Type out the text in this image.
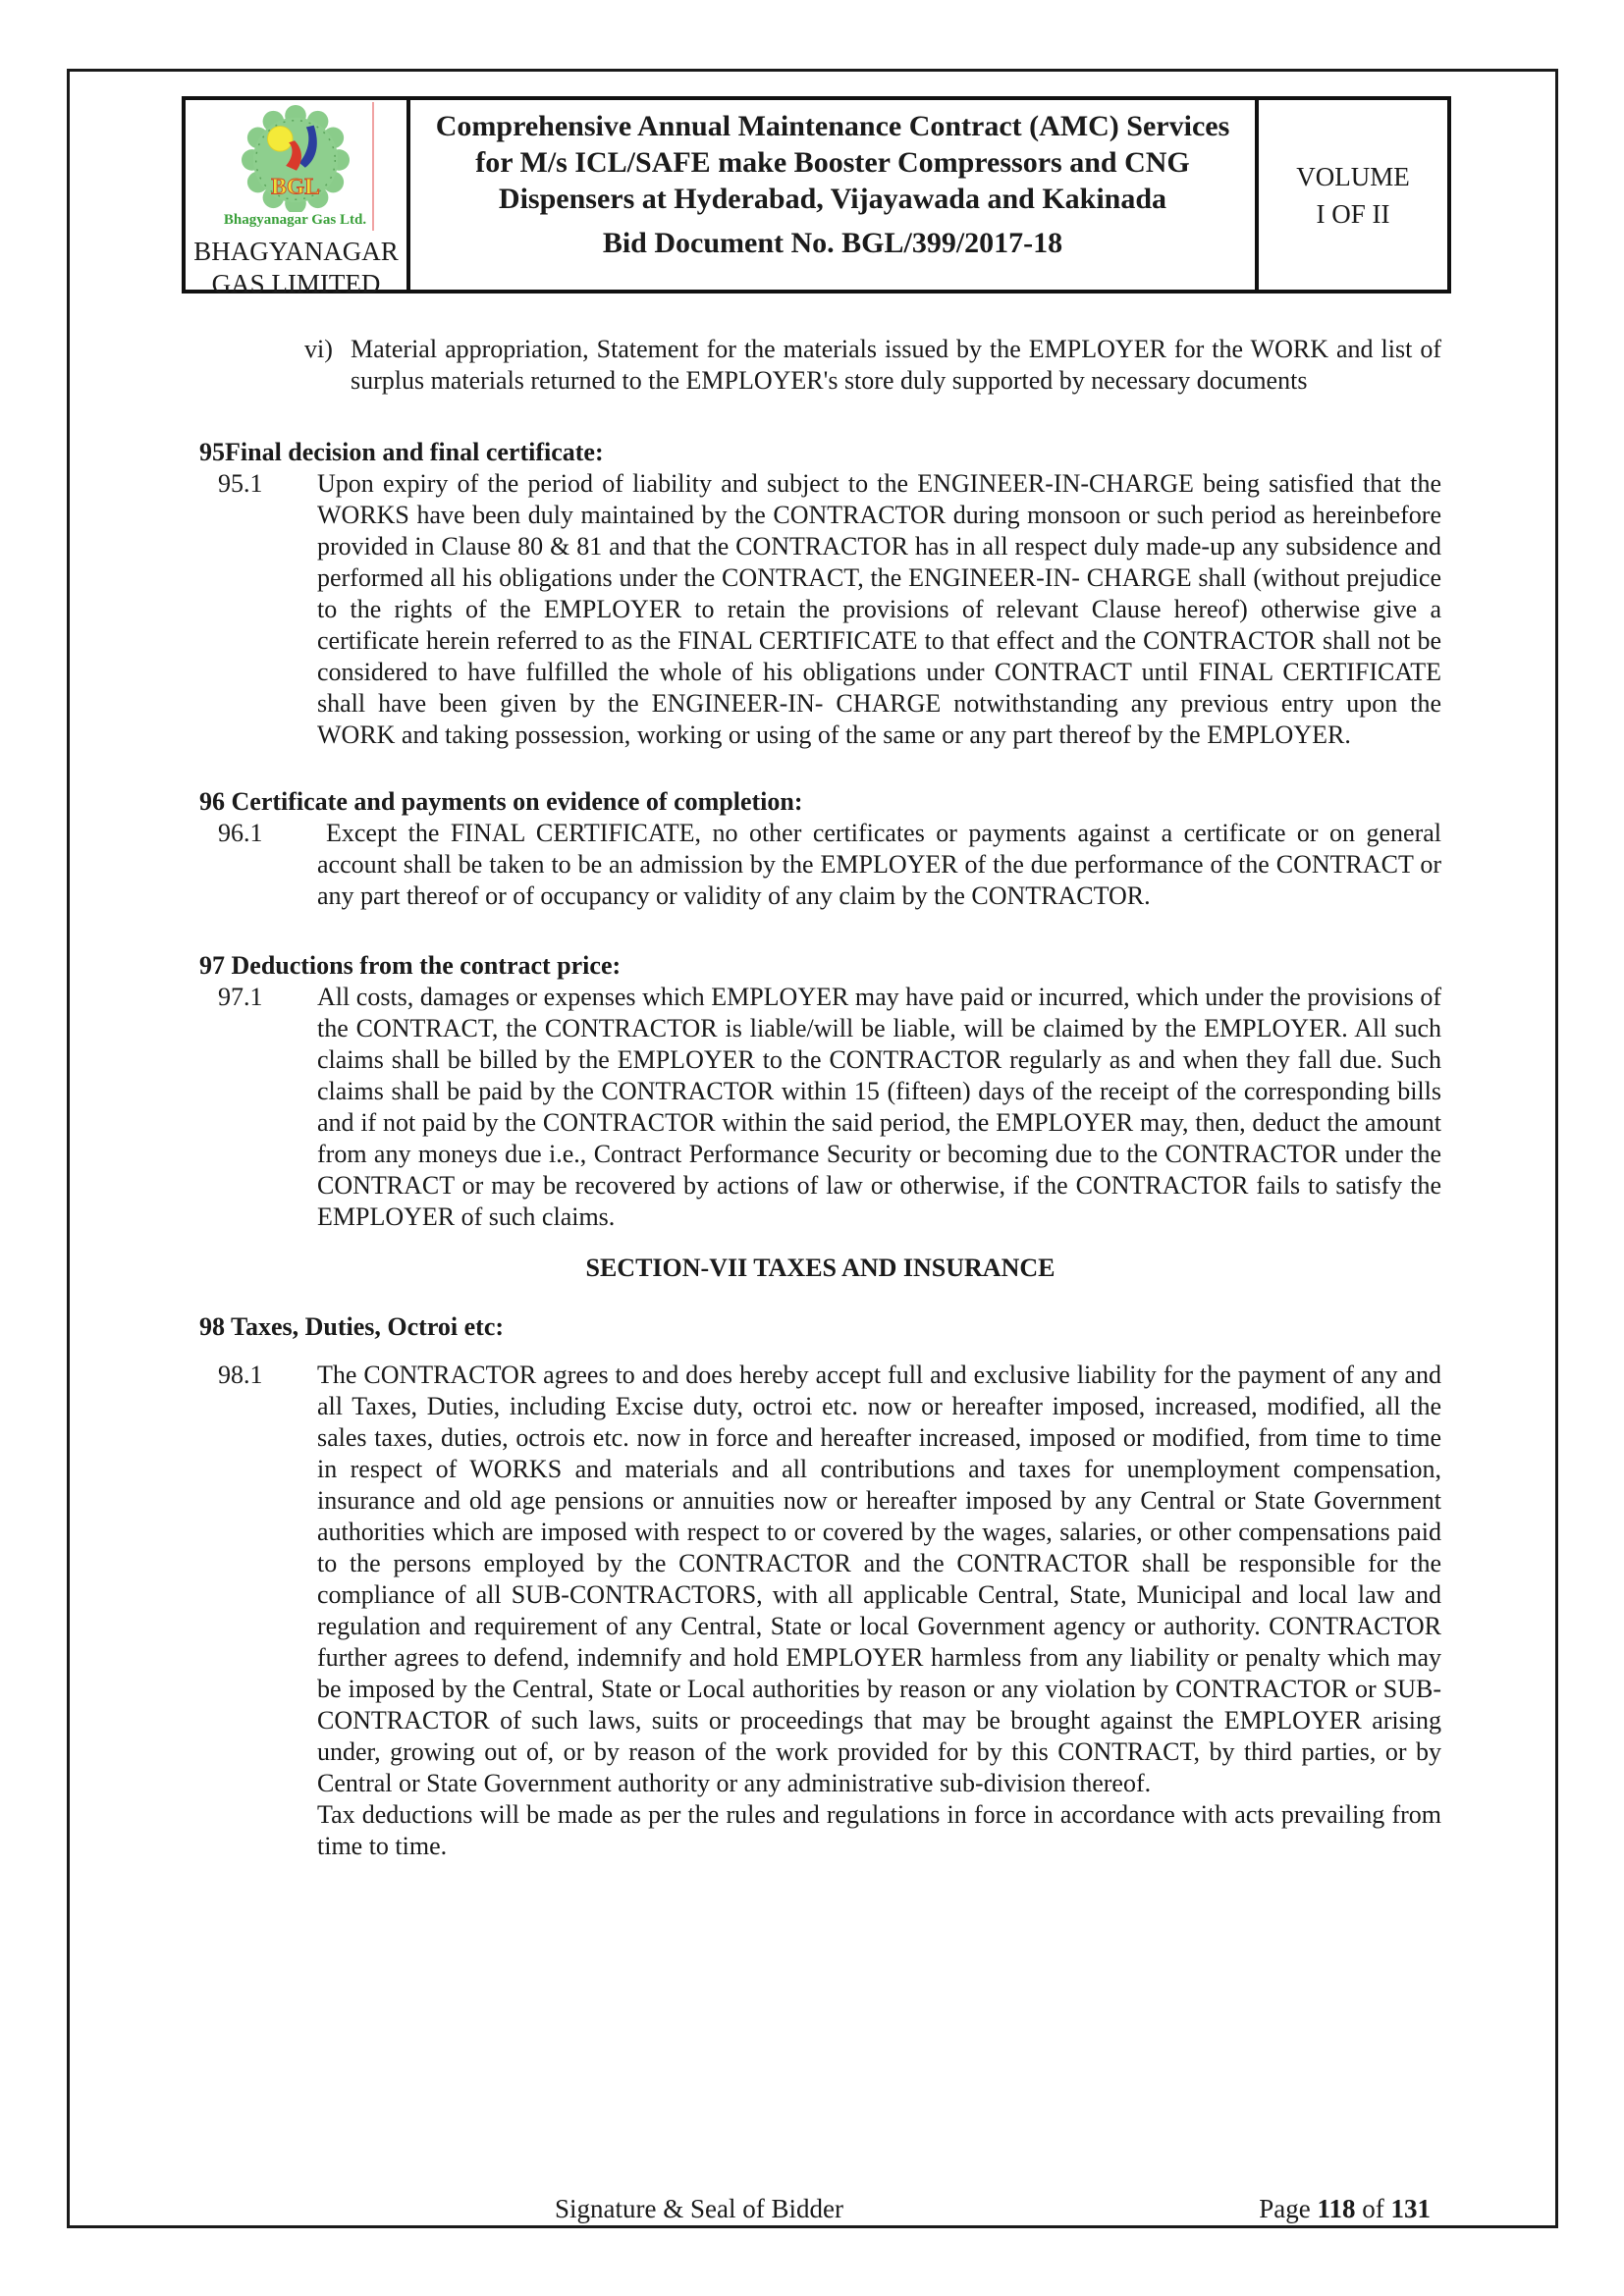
BGL
Bhagyanagar Gas Ltd.
BHAGYANAGAR
GAS LIMITED
Comprehensive Annual Maintenance Contract (AMC) Services for M/s ICL/SAFE make Booster Compressors and CNG Dispensers at Hyderabad, Vijayawada and Kakinada
Bid Document No. BGL/399/2017-18
VOLUME
I OF II
vi) Material appropriation, Statement for the materials issued by the EMPLOYER for the WORK and list of surplus materials returned to the EMPLOYER's store duly supported by necessary documents
95Final decision and final certificate:
95.1	Upon expiry of the period of liability and subject to the ENGINEER-IN-CHARGE being satisfied that the WORKS have been duly maintained by the CONTRACTOR during monsoon or such period as hereinbefore provided in Clause 80 & 81 and that the CONTRACTOR has in all respect duly made-up any subsidence and performed all his obligations under the CONTRACT, the ENGINEER-IN- CHARGE shall (without prejudice to the rights of the EMPLOYER to retain the provisions of relevant Clause hereof) otherwise give a certificate herein referred to as the FINAL CERTIFICATE to that effect and the CONTRACTOR shall not be considered to have fulfilled the whole of his obligations under CONTRACT until FINAL CERTIFICATE shall have been given by the ENGINEER-IN- CHARGE notwithstanding any previous entry upon the WORK and taking possession, working or using of the same or any part thereof by the EMPLOYER.
96 Certificate and payments on evidence of completion:
96.1	Except the FINAL CERTIFICATE, no other certificates or payments against a certificate or on general account shall be taken to be an admission by the EMPLOYER of the due performance of the CONTRACT or any part thereof or of occupancy or validity of any claim by the CONTRACTOR.
97 Deductions from the contract price:
97.1	All costs, damages or expenses which EMPLOYER may have paid or incurred, which under the provisions of the CONTRACT, the CONTRACTOR is liable/will be liable, will be claimed by the EMPLOYER. All such claims shall be billed by the EMPLOYER to the CONTRACTOR regularly as and when they fall due. Such claims shall be paid by the CONTRACTOR within 15 (fifteen) days of the receipt of the corresponding bills and if not paid by the CONTRACTOR within the said period, the EMPLOYER may, then, deduct the amount from any moneys due i.e., Contract Performance Security or becoming due to the CONTRACTOR under the CONTRACT or may be recovered by actions of law or otherwise, if the CONTRACTOR fails to satisfy the EMPLOYER of such claims.
SECTION-VII TAXES AND INSURANCE
98 Taxes, Duties, Octroi etc:
98.1	The CONTRACTOR agrees to and does hereby accept full and exclusive liability for the payment of any and all Taxes, Duties, including Excise duty, octroi etc. now or hereafter imposed, increased, modified, all the sales taxes, duties, octrois etc. now in force and hereafter increased, imposed or modified, from time to time in respect of WORKS and materials and all contributions and taxes for unemployment compensation, insurance and old age pensions or annuities now or hereafter imposed by any Central or State Government authorities which are imposed with respect to or covered by the wages, salaries, or other compensations paid to the persons employed by the CONTRACTOR and the CONTRACTOR shall be responsible for the compliance of all SUB-CONTRACTORS, with all applicable Central, State, Municipal and local law and regulation and requirement of any Central, State or local Government agency or authority. CONTRACTOR further agrees to defend, indemnify and hold EMPLOYER harmless from any liability or penalty which may be imposed by the Central, State or Local authorities by reason or any violation by CONTRACTOR or SUB-CONTRACTOR of such laws, suits or proceedings that may be brought against the EMPLOYER arising under, growing out of, or by reason of the work provided for by this CONTRACT, by third parties, or by Central or State Government authority or any administrative sub-division thereof.
Tax deductions will be made as per the rules and regulations in force in accordance with acts prevailing from time to time.
Signature & Seal of Bidder	Page 118 of 131
